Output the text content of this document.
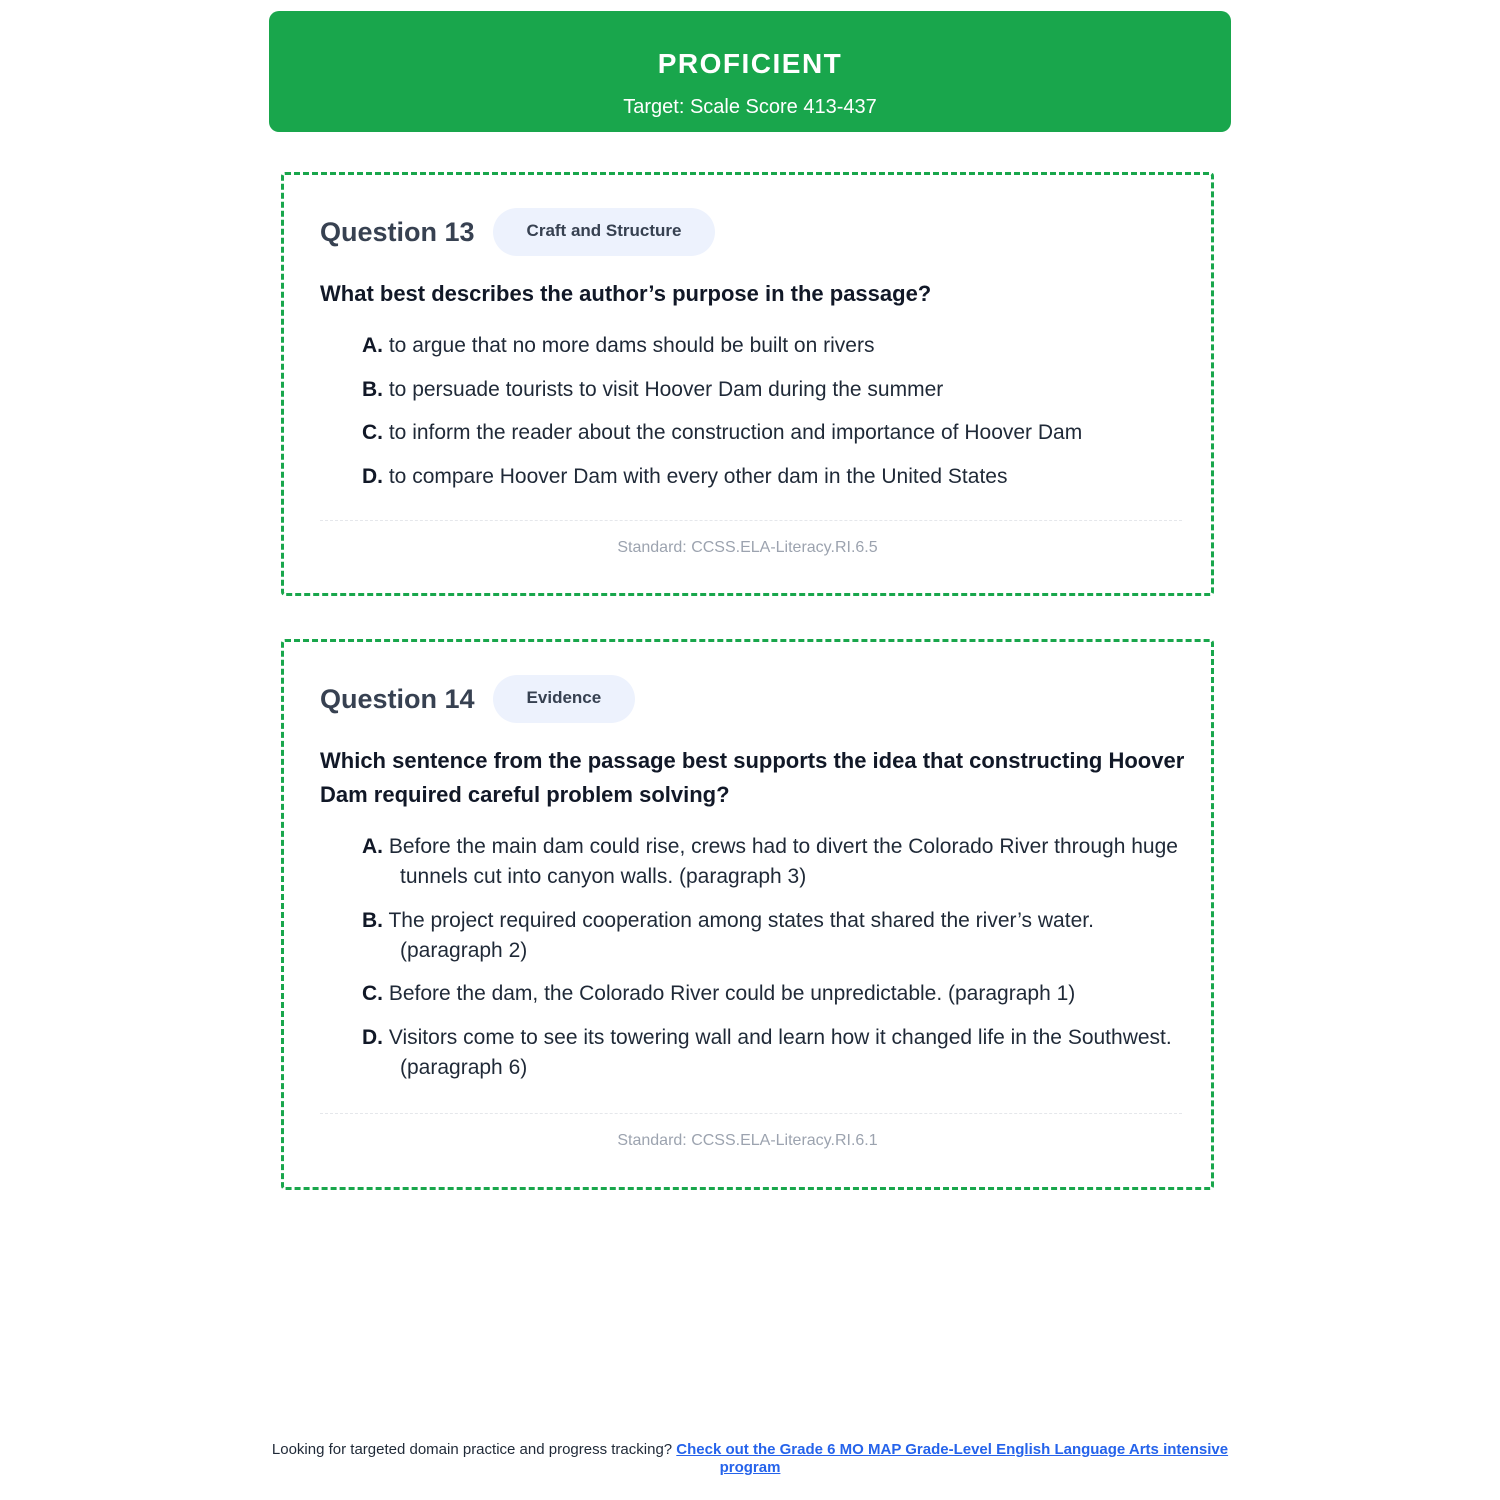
PROFICIENT
Target: Scale Score 413-437
Question 13	Craft and Structure
What best describes the author’s purpose in the passage?
A. to argue that no more dams should be built on rivers
B. to persuade tourists to visit Hoover Dam during the summer
C. to inform the reader about the construction and importance of Hoover Dam
D. to compare Hoover Dam with every other dam in the United States
Standard: CCSS.ELA-Literacy.RI.6.5
Question 14	Evidence
Which sentence from the passage best supports the idea that constructing Hoover Dam required careful problem solving?
A. Before the main dam could rise, crews had to divert the Colorado River through huge tunnels cut into canyon walls. (paragraph 3)
B. The project required cooperation among states that shared the river’s water. (paragraph 2)
C. Before the dam, the Colorado River could be unpredictable. (paragraph 1)
D. Visitors come to see its towering wall and learn how it changed life in the Southwest. (paragraph 6)
Standard: CCSS.ELA-Literacy.RI.6.1
Looking for targeted domain practice and progress tracking? Check out the Grade 6 MO MAP Grade-Level English Language Arts intensive program
